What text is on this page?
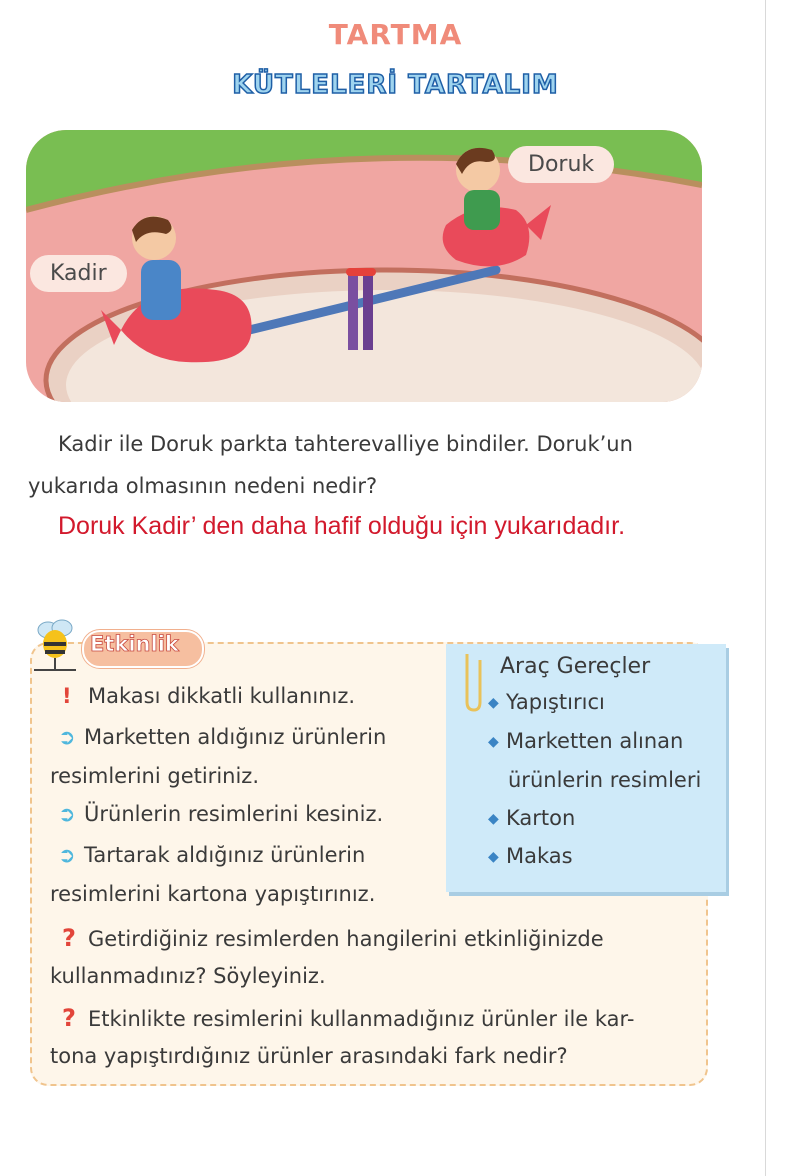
TARTMA
KÜTLELERİ TARTALIM
Kadir
Doruk
Kadir ile Doruk parkta tahterevalliye bindiler. Doruk’un
yukarıda olmasının nedeni nedir?
Doruk Kadir’ den daha hafif olduğu için yukarıdadır.
Etkinlik
Araç Gereçler
◆ Yapıştırıcı
◆ Marketten alınan
ürünlerin resimleri
◆ Karton
◆ Makas
! Makası dikkatli kullanınız.
➲ Marketten aldığınız ürünlerin
resimlerini getiriniz.
➲ Ürünlerin resimlerini kesiniz.
➲ Tartarak aldığınız ürünlerin
resimlerini kartona yapıştırınız.
? Getirdiğiniz resimlerden hangilerini etkinliğinizde
kullanmadınız? Söyleyiniz.
? Etkinlikte resimlerini kullanmadığınız ürünler ile kar-
tona yapıştırdığınız ürünler arasındaki fark nedir?
